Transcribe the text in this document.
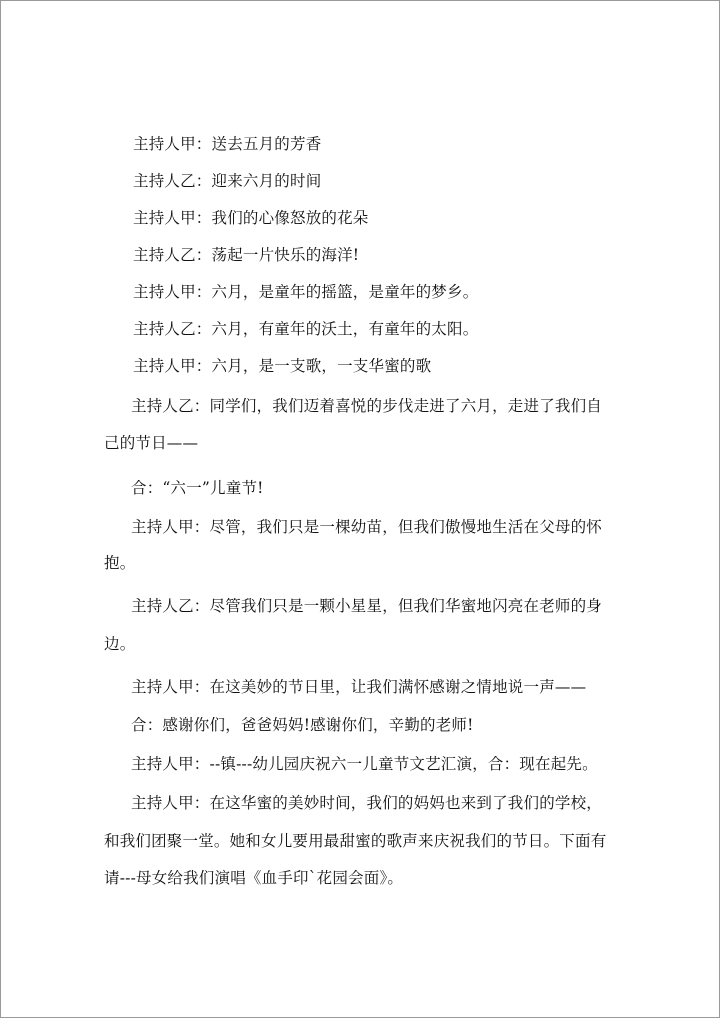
主持人甲：送去五月的芳香
主持人乙：迎来六月的时间
主持人甲：我们的心像怒放的花朵
主持人乙：荡起一片快乐的海洋!
主持人甲：六月，是童年的摇篮，是童年的梦乡。
主持人乙：六月，有童年的沃土，有童年的太阳。
主持人甲：六月，是一支歌，一支华蜜的歌
主持人乙：同学们，我们迈着喜悦的步伐走进了六月，走进了我们自
己的节日——
合：“六一”儿童节!
主持人甲：尽管，我们只是一棵幼苗，但我们傲慢地生活在父母的怀
抱。
主持人乙：尽管我们只是一颗小星星，但我们华蜜地闪亮在老师的身
边。
主持人甲：在这美妙的节日里，让我们满怀感谢之情地说一声——
合：感谢你们，爸爸妈妈!感谢你们，辛勤的老师!
主持人甲：--镇---幼儿园庆祝六一儿童节文艺汇演，合：现在起先。
主持人甲：在这华蜜的美妙时间，我们的妈妈也来到了我们的学校，
和我们团聚一堂。她和女儿要用最甜蜜的歌声来庆祝我们的节日。下面有
请---母女给我们演唱《血手印`花园会面》。
